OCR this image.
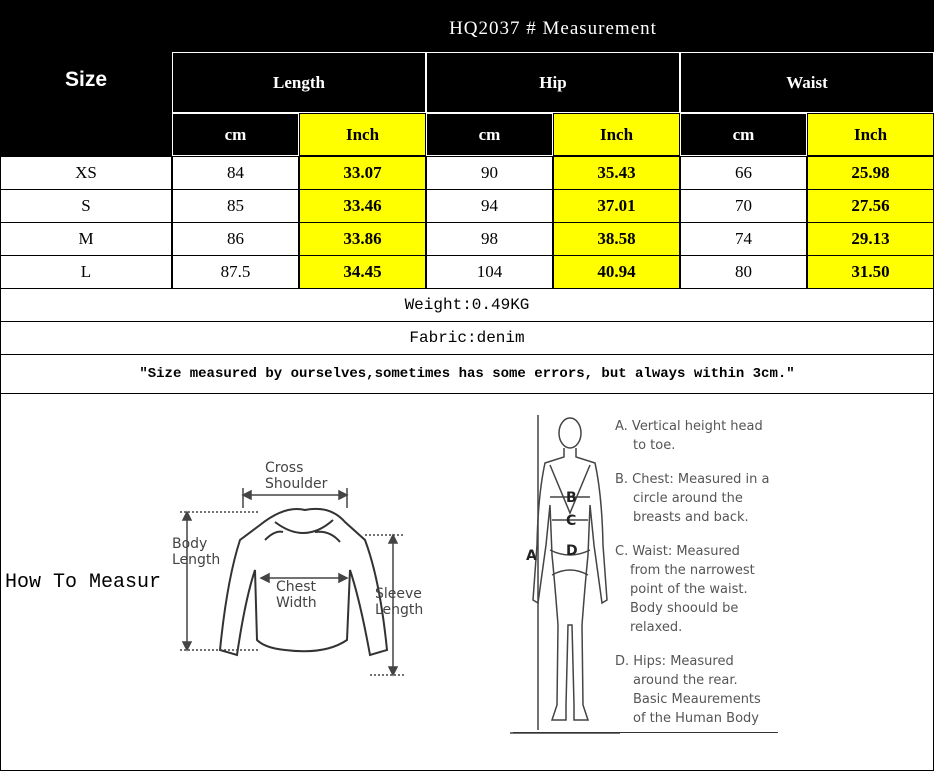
HQ2037 # Measurement
Size	Length	Hip	Waist
cm	Inch	cm	Inch	cm	Inch
XS	84	33.07	90	35.43	66	25.98
S	85	33.46	94	37.01	70	27.56
M	86	33.86	98	38.58	74	29.13
L	87.5	34.45	104	40.94	80	31.50
Weight:0.49KG
Fabric:denim
"Size measured by ourselves,sometimes has some errors, but always within 3cm."
How To Measur
Cross
Shoulder
Body
Length
Chest
Width
Sleeve
Length
A
B
C
D
A. Vertical height head
to toe.
B. Chest: Measured in a
circle around the
breasts and back.
C. Waist: Measured
from the narrowest
point of the waist.
Body shoould be
relaxed.
D. Hips: Measured
around the rear.
Basic Meaurements
of the Human Body
